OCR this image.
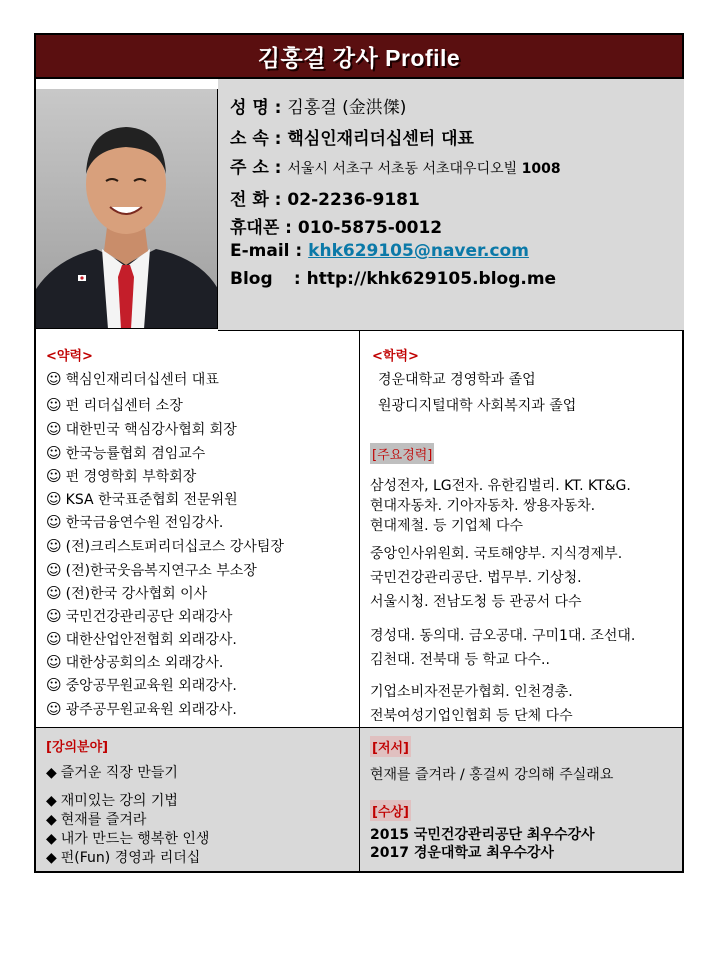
김홍걸 강사 Profile
성 명 : 김홍걸 (金洪傑)
소 속 : 핵심인재리더십센터 대표
주 소 : 서울시 서초구 서초동 서초대우디오빌 1008
전 화 : 02-2236-9181
휴대폰 : 010-5875-0012
E-mail : khk629105@naver.com
Blog : http://khk629105.blog.me
<약력>
☺ 핵심인재리더십센터 대표
☺ 펀 리더십센터 소장
☺ 대한민국 핵심강사협회 회장
☺ 한국능률협회 겸임교수
☺ 펀 경영학회 부학회장
☺ KSA 한국표준협회 전문위원
☺ 한국금융연수원 전임강사.
☺ (전)크리스토퍼리더십코스 강사팀장
☺ (전)한국웃음복지연구소 부소장
☺ (전)한국 강사협회 이사
☺ 국민건강관리공단 외래강사
☺ 대한산업안전협회 외래강사.
☺ 대한상공회의소 외래강사.
☺ 중앙공무원교육원 외래강사.
☺ 광주공무원교육원 외래강사.
<학력>
경운대학교 경영학과 졸업
원광디지털대학 사회복지과 졸업
[주요경력]
삼성전자, LG전자. 유한킴벌리. KT. KT&G.
현대자동차. 기아자동차. 쌍용자동차.
현대제철. 등 기업체 다수
중앙인사위원회. 국토해양부. 지식경제부.
국민건강관리공단. 법무부. 기상청.
서울시청. 전남도청 등 관공서 다수
경성대. 동의대. 금오공대. 구미1대. 조선대.
김천대. 전북대 등 학교 다수..
기업소비자전문가협회. 인천경총.
전북여성기업인협회 등 단체 다수
[강의분야]
◆ 즐거운 직장 만들기
◆ 재미있는 강의 기법
◆ 현재를 즐겨라
◆ 내가 만드는 행복한 인생
◆ 펀(Fun) 경영과 리더십
[저서]
현재를 즐겨라 / 홍걸씨 강의해 주실래요
[수상]
2015 국민건강관리공단 최우수강사
2017 경운대학교 최우수강사
